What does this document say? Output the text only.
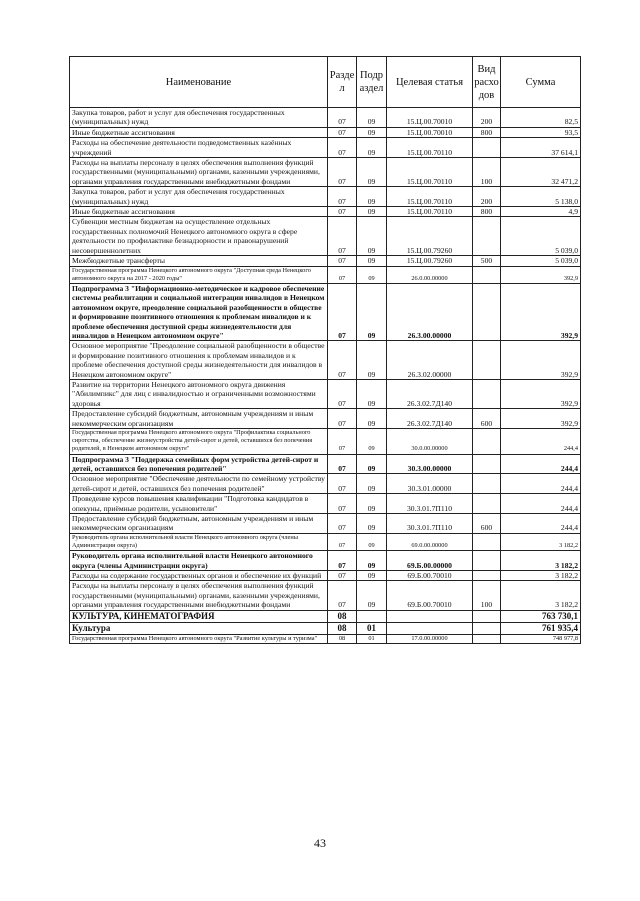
Наименование	Разде л	Подр аздел	Целевая статья	Вид расхо дов	Сумма
Закупка товаров, работ и услуг для обеспечения государственных (муниципальных) нужд	07	09	15.Ц.00.70010	200	82,5
Иные бюджетные ассигнования	07	09	15.Ц.00.70010	800	93,5
Расходы на обеспечение деятельности подведомственных казённых учреждений	07	09	15.Ц.00.70110		37 614,1
Расходы на выплаты персоналу в целях обеспечения выполнения функций государственными (муниципальными) органами, казенными учреждениями, органами управления государственными внебюджетными фондами	07	09	15.Ц.00.70110	100	32 471,2
Закупка товаров, работ и услуг для обеспечения государственных (муниципальных) нужд	07	09	15.Ц.00.70110	200	5 138,0
Иные бюджетные ассигнования	07	09	15.Ц.00.70110	800	4,9
Субвенции местным бюджетам на осуществление отдельных государственных полномочий Ненецкого автономного округа в сфере деятельности по профилактике безнадзорности и правонарушений несовершеннолетних	07	09	15.Ц.00.79260		5 039,0
Межбюджетные трансферты	07	09	15.Ц.00.79260	500	5 039,0
Государственная программа Ненецкого автономного округа "Доступная среда Ненецкого автономного округа на 2017 - 2020 годы"	07	09	26.0.00.00000		392,9
Подпрограмма 3 "Информационно-методическое и кадровое обеспечение системы реабилитации и социальной интеграции инвалидов в Ненецком автономном округе, преодоление социальной разобщенности в обществе и формирование позитивного отношения к проблемам инвалидов и к проблеме обеспечения доступной среды жизнедеятельности для инвалидов в Ненецком автономном округе"	07	09	26.3.00.00000		392,9
Основное мероприятие "Преодоление социальной разобщенности в обществе и формирование позитивного отношения к проблемам инвалидов и к проблеме обеспечения доступной среды жизнедеятельности для инвалидов в Ненецком автономном округе"	07	09	26.3.02.00000		392,9
Развитие на территории Ненецкого автономного округа движения "Абилимпикс" для лиц с инвалидностью и ограниченными возможностями здоровья	07	09	26.3.02.7Д140		392,9
Предоставление субсидий бюджетным, автономным учреждениям и иным некоммерческим организациям	07	09	26.3.02.7Д140	600	392,9
Государственная программа Ненецкого автономного округа "Профилактика социального сиротства, обеспечение жизнеустройства детей-сирот и детей, оставшихся без попечения родителей, в Ненецком автономном округе"	07	09	30.0.00.00000		244,4
Подпрограмма 3 "Поддержка семейных форм устройства детей-сирот и детей, оставшихся без попечения родителей"	07	09	30.3.00.00000		244,4
Основное мероприятие "Обеспечение деятельности по семейному устройству детей-сирот и детей, оставшихся без попечения родителей"	07	09	30.3.01.00000		244,4
Проведение курсов повышения квалификации "Подготовка кандидатов в опекуны, приёмные родители, усыновители"	07	09	30.3.01.7П110		244,4
Предоставление субсидий бюджетным, автономным учреждениям и иным некоммерческим организациям	07	09	30.3.01.7П110	600	244,4
Руководитель органа исполнительной власти Ненецкого автономного округа (члены Администрации округа)	07	09	69.0.00.00000		3 182,2
Руководитель органа исполнительной власти Ненецкого автономного округа (члены Администрации округа)	07	09	69.Б.00.00000		3 182,2
Расходы на содержание государственных органов и обеспечение их функций	07	09	69.Б.00.70010		3 182,2
Расходы на выплаты персоналу в целях обеспечения выполнения функций государственными (муниципальными) органами, казенными учреждениями, органами управления государственными внебюджетными фондами	07	09	69.Б.00.70010	100	3 182,2
КУЛЬТУРА, КИНЕМАТОГРАФИЯ	08				763 730,1
Культура	08	01			761 935,4
Государственная программа Ненецкого автономного округа "Развитие культуры и туризма"	08	01	17.0.00.00000		748 977,8
43
